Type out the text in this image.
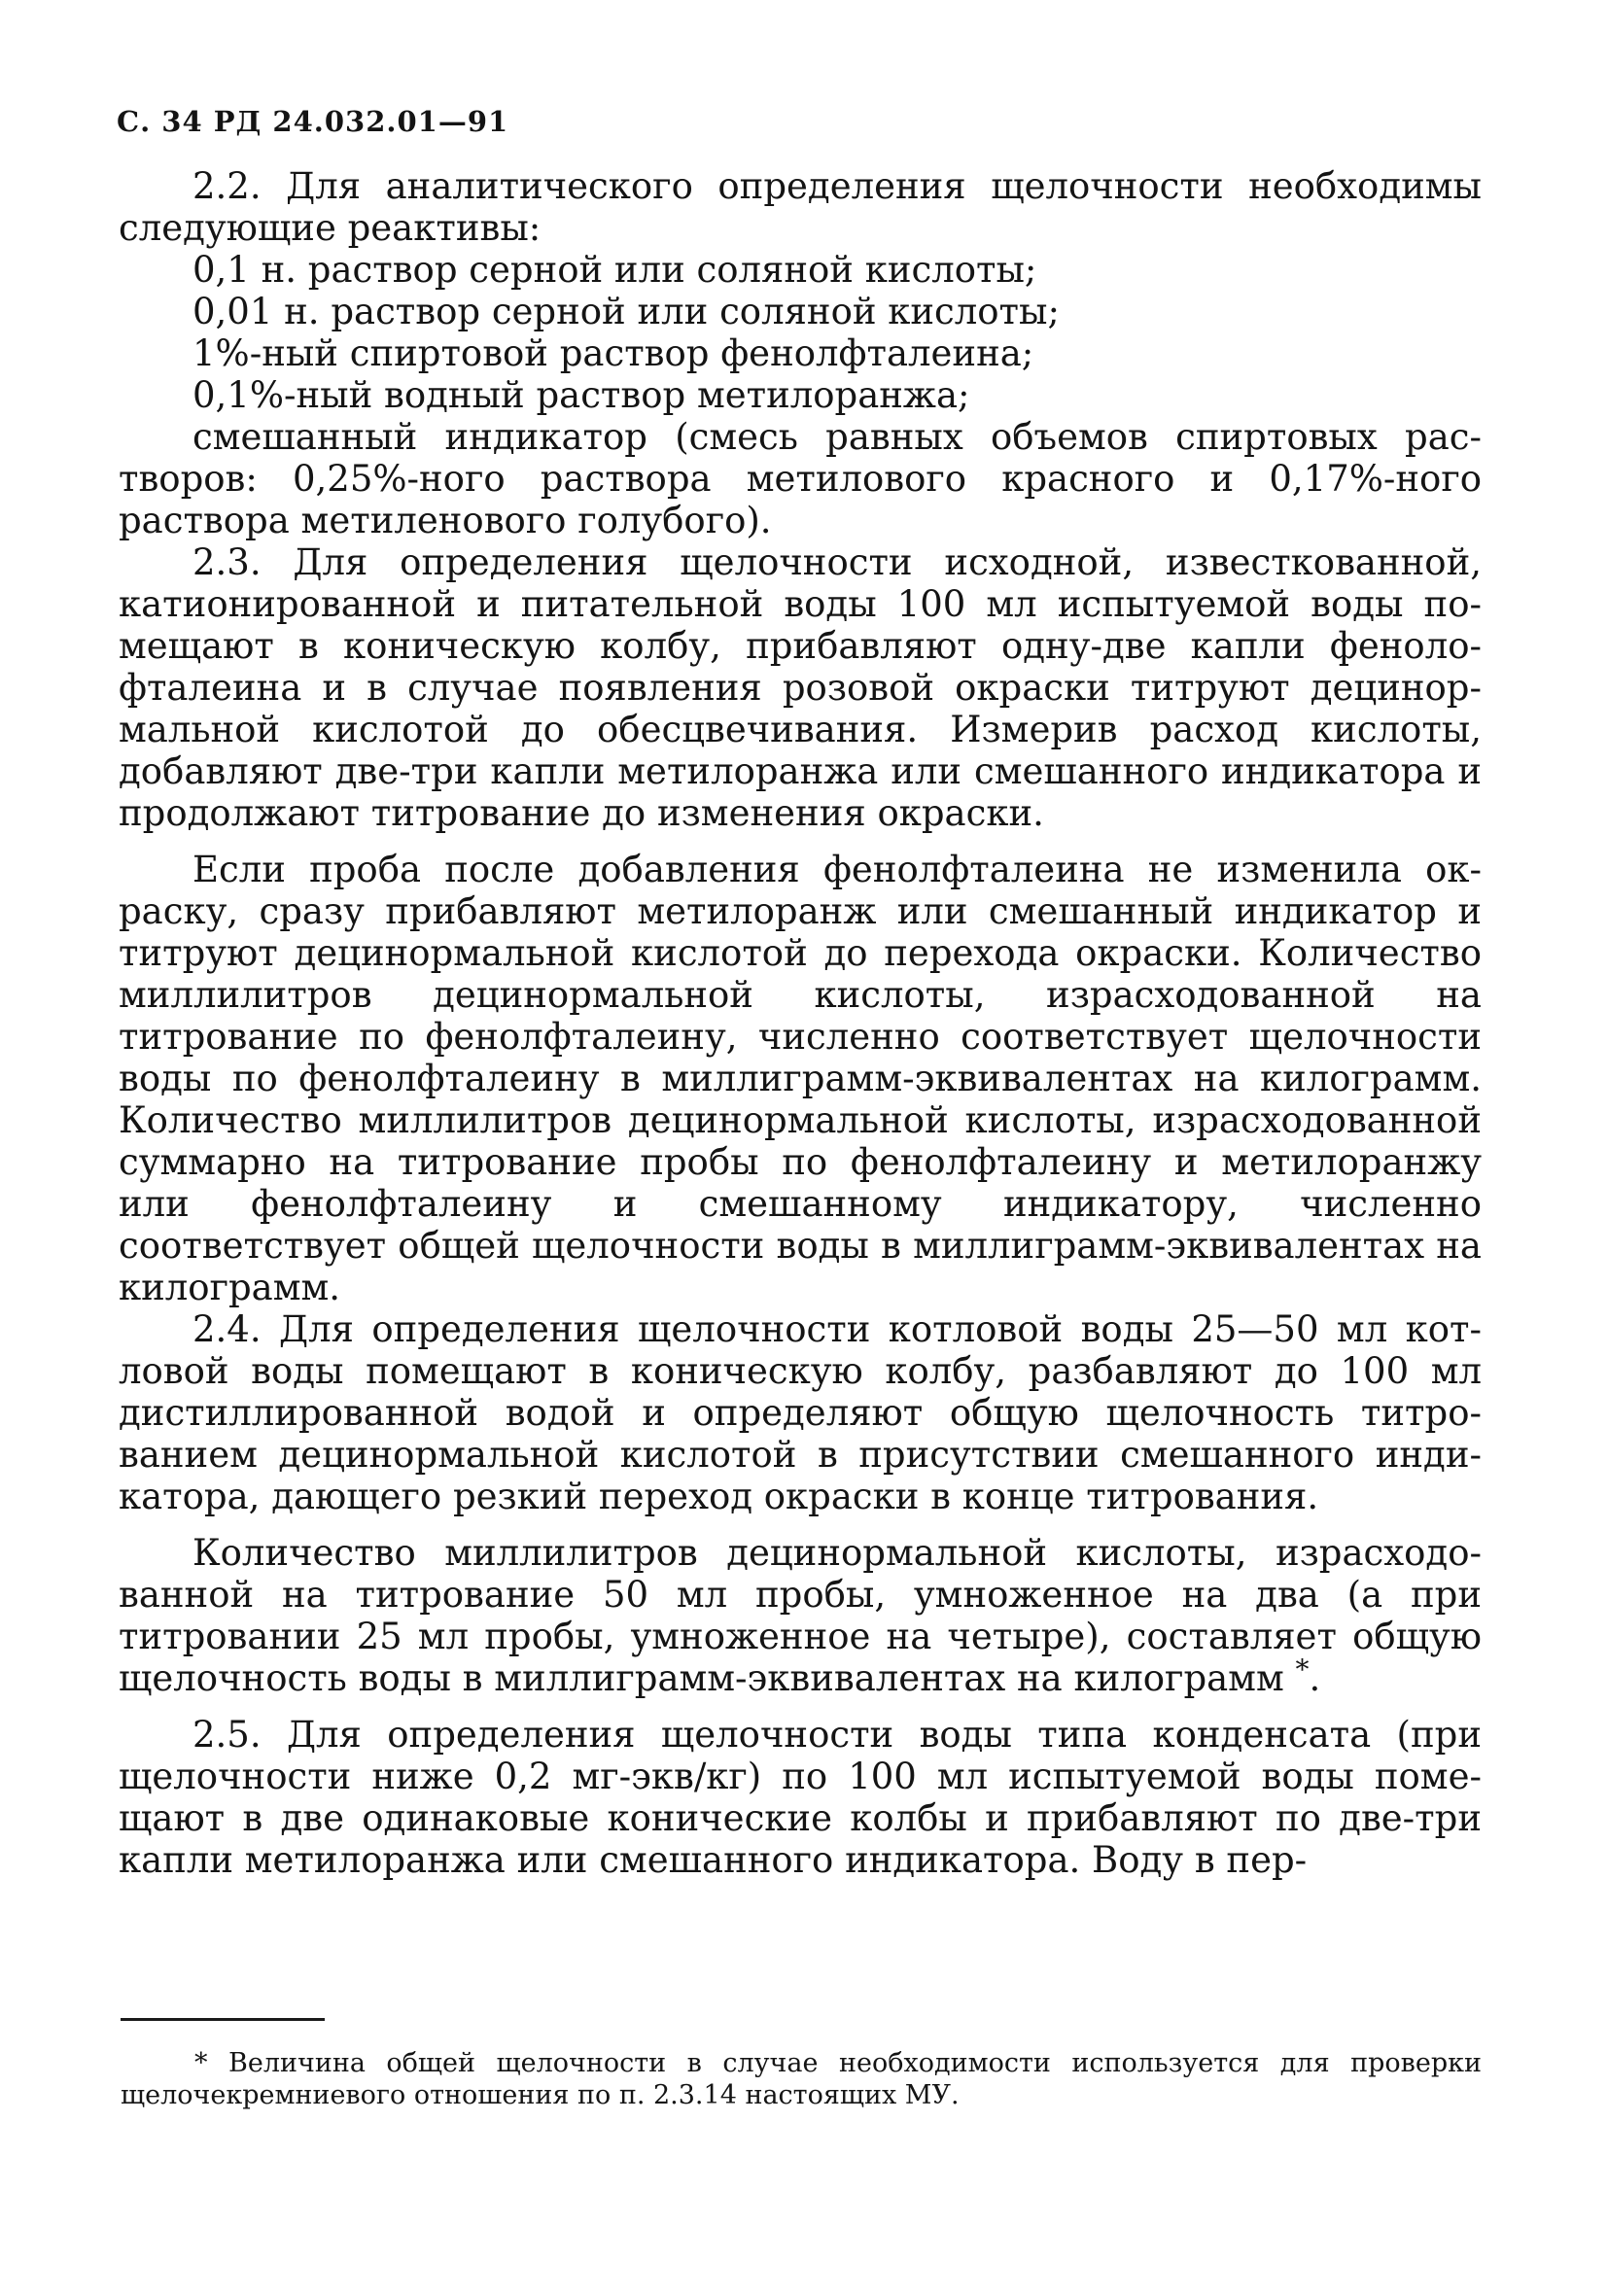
С. 34 РД 24.032.01—91

2.2. Для аналитического определения щелочности необходимы следующие реактивы:

0,1 н. раствор серной или соляной кислоты;

0,01 н. раствор серной или соляной кислоты;

1%-ный спиртовой раствор фенолфталеина;

0,1%-ный водный раствор метилоранжа;

смешанный индикатор (смесь равных объемов спиртовых растворов: 0,25%-ного раствора метилового красного и 0,17%-ного раствора метиленового голубого).

2.3. Для определения щелочности исходной, известкованной, катионированной и питательной воды 100 мл испытуемой воды помещают в коническую колбу, прибавляют одну-две капли фенолофталеина и в случае появления розовой окраски титруют децинормальной кислотой до обесцвечивания. Измерив расход кислоты, добавляют две-три капли метилоранжа или смешанного индикатора и продолжают титрование до изменения окраски.

Если проба после добавления фенолфталеина не изменила окраску, сразу прибавляют метилоранж или смешанный индикатор и титруют децинормальной кислотой до перехода окраски. Количество миллилитров децинормальной кислоты, израсходованной на титрование по фенолфталеину, численно соответствует щелочности воды по фенолфталеину в миллиграмм-эквивалентах на килограмм. Количество миллилитров децинормальной кислоты, израсходованной суммарно на титрование пробы по фенолфталеину и метилоранжу или фенолфталеину и смешанному индикатору, численно соответствует общей щелочности воды в миллиграмм-эквивалентах на килограмм.

2.4. Для определения щелочности котловой воды 25—50 мл котловой воды помещают в коническую колбу, разбавляют до 100 мл дистиллированной водой и определяют общую щелочность титрованием децинормальной кислотой в присутствии смешанного индикатора, дающего резкий переход окраски в конце титрования.

Количество миллилитров децинормальной кислоты, израсходованной на титрование 50 мл пробы, умноженное на два (а при титровании 25 мл пробы, умноженное на четыре), составляет общую щелочность воды в миллиграмм-эквивалентах на килограмм *.

2.5. Для определения щелочности воды типа конденсата (при щелочности ниже 0,2 мг-экв/кг) по 100 мл испытуемой воды помещают в две одинаковые конические колбы и прибавляют по две-три капли метилоранжа или смешанного индикатора. Воду в пер-

* Величина общей щелочности в случае необходимости используется для проверки щелочекремниевого отношения по п. 2.3.14 настоящих МУ.
